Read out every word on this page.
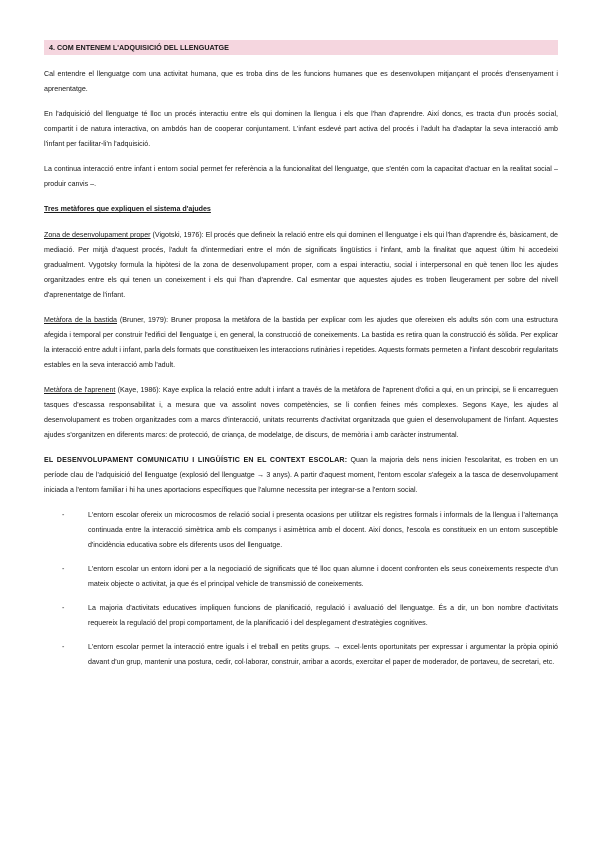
4. COM ENTENEM L'ADQUISICIÓ DEL LLENGUATGE

Cal entendre el llenguatge com una activitat humana, que es troba dins de les funcions humanes que es desenvolupen mitjançant el procés d'ensenyament i aprenentatge.

En l'adquisició del llenguatge té lloc un procés interactiu entre els qui dominen la llengua i els que l'han d'aprendre. Així doncs, es tracta d'un procés social, compartit i de natura interactiva, on ambdós han de cooperar conjuntament. L'infant esdevé part activa del procés i l'adult ha d'adaptar la seva interacció amb l'infant per facilitar-li'n l'adquisició.

La continua interacció entre infant i entorn social permet fer referència a la funcionalitat del llenguatge, que s'entén com la capacitat d'actuar en la realitat social – produir canvis –.

Tres metàfores que expliquen el sistema d'ajudes

Zona de desenvolupament proper (Vigotski, 1976): El procés que defineix la relació entre els qui dominen el llenguatge i els qui l'han d'aprendre és, bàsicament, de mediació. Per mitjà d'aquest procés, l'adult fa d'intermediari entre el món de significats lingüístics i l'infant, amb la finalitat que aquest últim hi accedeixi gradualment. Vygotsky formula la hipòtesi de la zona de desenvolupament proper, com a espai interactiu, social i interpersonal en què tenen lloc les ajudes organitzades entre els qui tenen un coneixement i els qui l'han d'aprendre. Cal esmentar que aquestes ajudes es troben lleugerament per sobre del nivell d'aprenentatge de l'infant.

Metàfora de la bastida (Bruner, 1979): Bruner proposa la metàfora de la bastida per explicar com les ajudes que ofereixen els adults són com una estructura afegida i temporal per construir l'edifici del llenguatge i, en general, la construcció de coneixements. La bastida es retira quan la construcció és sòlida. Per explicar la interacció entre adult i infant, parla dels formats que constitueixen les interaccions rutinàries i repetides. Aquests formats permeten a l'infant descobrir regularitats estables en la seva interacció amb l'adult.

Metàfora de l'aprenent (Kaye, 1986): Kaye explica la relació entre adult i infant a través de la metàfora de l'aprenent d'ofici a qui, en un principi, se li encarreguen tasques d'escassa responsabilitat i, a mesura que va assolint noves competències, se li confien feines més complexes. Segons Kaye, les ajudes al desenvolupament es troben organitzades com a marcs d'interacció, unitats recurrents d'activitat organitzada que guien el desenvolupament de l'infant. Aquestes ajudes s'organitzen en diferents marcs: de protecció, de criança, de modelatge, de discurs, de memòria i amb caràcter instrumental.

EL DESENVOLUPAMENT COMUNICATIU I LINGÜÍSTIC EN EL CONTEXT ESCOLAR: Quan la majoria dels nens inicien l'escolaritat, es troben en un període clau de l'adquisició del llenguatge (explosió del llenguatge → 3 anys). A partir d'aquest moment, l'entorn escolar s'afegeix a la tasca de desenvolupament iniciada a l'entorn familiar i hi ha unes aportacions específiques que l'alumne necessita per integrar-se a l'entorn social.

-	L'entorn escolar ofereix un microcosmos de relació social i presenta ocasions per utilitzar els registres formals i informals de la llengua i l'alternança continuada entre la interacció simètrica amb els companys i asimètrica amb el docent. Així doncs, l'escola es constitueix en un entorn susceptible d'incidència educativa sobre els diferents usos del llenguatge.
-	L'entorn escolar un entorn idoni per a la negociació de significats que té lloc quan alumne i docent confronten els seus coneixements respecte d'un mateix objecte o activitat, ja que és el principal vehicle de transmissió de coneixements.
-	La majoria d'activitats educatives impliquen funcions de planificació, regulació i avaluació del llenguatge. És a dir, un bon nombre d'activitats requereix la regulació del propi comportament, de la planificació i del desplegament d'estratègies cognitives.
-	L'entorn escolar permet la interacció entre iguals i el treball en petits grups. → excel·lents oportunitats per expressar i argumentar la pròpia opinió davant d'un grup, mantenir una postura, cedir, col·laborar, construir, arribar a acords, exercitar el paper de moderador, de portaveu, de secretari, etc.
